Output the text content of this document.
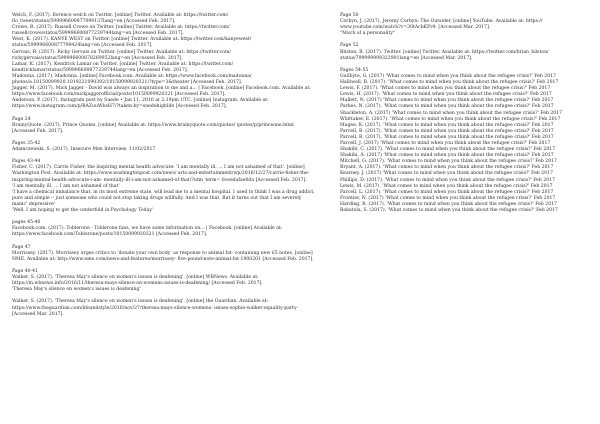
Welch, F. (2017). florence welch on Twitter. [online] Twitter. Available at: https://twitter.com/ flo_tweet/status/599996600877099137lang=en [Accessed Feb. 2017].

Crowe, R. (2017). Russell Crowe on Twitter. [online] Twitter. Available at: https://twitter.com/ russellcrowe/status/599996600877239744lang=en [Accessed Feb. 2017].

West, K. (2017). KANYE WEST on Twitter. [online] Twitter. Available at: https://twitter.com/kanyewest/ status/599996600877799424lang=en [Accessed Feb. 2017].

Gervais, R. (2017). Ricky Gervais on Twitter. [online] Twitter. Available at: https://twitter.com/ rickygervais/status/599996600878269952lang=en [Accessed Feb. 2017].

Lamar, K. (2017). Kendrick Lamar on Twitter. [online] Twitter. Available at: https://twitter.com/ kendricklamar/status/599996600877239744lang=en [Accessed Feb. 2017].

Madonna. (2017). Madonna. [online] Facebook.com. Available at: https://www.facebook.com/madonna/ photos/a.10150099920.1019221090392/10150099920321/?type=3&theater [Accessed Feb. 2017].

Jagger, M. (2017). Mick Jagger - David was always an inspiration to me and a... | Facebook. [online] Facebook.com. Available at: https://www.facebook.com/mickjaggerofficial/posts/10150099920321 [Accessed Feb. 2017].

Anderson, P. (2017). Instagram post by Suede • Jan 11, 2016 at 2:19pm UTC. [online] Instagram. Available at: https://www.instagram.com/p/BAZuuWbsH7/?taken-by=suedehighlife [Accessed Feb. 2017].

Page 24

BrainyQuote. (2017). Prince Quotes. [online] Available at: https://www.brainyquote.com/quotes/ quotes/p/princeone.html [Accessed Feb. 2017].

Pages 35-42

Adamczewski, S. (2017). Insecure Men Interview. 11/02/2017

Pages 43-44

Fisher, C. (2017). Carrie Fisher, the inspiring mental health advocate: 'I am mentally ill. ... I am not ashamed of that'. [online] Washington Post. Available at: https://www.washingtonpost.com/news/ arts-and-entertainment/wp/2016/12/27/carrie-fisher-the-inspiring-mental-health-advocate-i-am- mentally-ill-i-am-not-ashamed-of-that/?utm_term=.0ceedafae0da [Accessed Feb. 2017].

'I am mentally ill. ... I am not ashamed of that'

'I have a chemical imbalance that, in its most extreme state, will lead me to a mental hospital. I used to think I was a drug addict, pure and simple -- just someone who could not stop taking drugs willfully. And I was that. But it turns out that I am severely manic' depressive'

'Well, I am hoping to get the centerfold in Psychology Today'

pages 45-46

Facebook.com. (2017). Toblerone - Toblerone fans, we have some information on... | Facebook. [online] Available at: https://www.facebook.com/Toblerone/posts/10150099920321 [Accessed Feb. 2017].

Page 47

Morrissey. (2017). Morrissey urges critics to 'donate your own body' as response to animal fat- containing new £5 notes. [online] NME. Available at: http://www.nme.com/news-and-features/morrissey- five-pound-note-animal-fat-1900201 [Accessed Feb. 2017].

Page 40-41

Walker, S. (2017). 'Theresa May's silence on women's issues is deafening'. [online] WBNews. Available at: https://m.wbnews.info/2016/11/theresa-mays-silence-on-womens-issues-is-deafening/ [Accessed Feb. 2017].

'Theresa May's silence on women's issues is deafening'

Walker, S. (2017). 'Theresa May's silence on women's issues is deafening'. [online] the Guardian. Available at: https://www.theguardian.com/lifeandstyle/2016/nov/27/theresa-mays-silence-womens- issues-sophie-walker-equality-party- [Accessed Mar. 2017].

Page 50

Corbyn, J. (2017). Jeremy Corbyn: The Outsider. [online] YouTube. Available at: https:// www.youtube.com/watch?v=30tAcbKFr0- [Accessed Mar. 2017].

"Much of a personality"

Page 52

Bliston, B. (2017). Twitter. [online] Twitter. Available at: https://twitter.com/brian_bilston/ status/799999999322901lang=en [Accessed Mar. 2017].

Pages 54-55

Guilbyte, G. (2017) 'What comes to mind when you think about the refugee crisis?' Feb 2017

Halliwell, B. (2017). 'What comes to mind when you think about the refugee crisis?' Feb 2017

Lewis, F. (2017). 'What comes to mind when you think about the refugee crisis?' Feb 2017

Lewis, H. (2017). 'What comes to mind when you think about the refugee crisis?' Feb 2017

Mallett, N. (2017) 'What comes to mind when you think about the refugee crisis?' Feb 2017

Parkes, N. (2017). 'What comes to mind when you think about the refugee crisis?' Feb 2017

Shackleton, A. (2017) 'What comes to mind when you think about the refugee crisis?' Feb 2017

Whittaker, E. (2017). 'What comes to mind when you think about the refugee crisis?' Feb 2017

Magee, K. (2017). 'What comes to mind when you think about the refugee crisis?' Feb 2017

Parcell, B. (2017). 'What comes to mind when you think about the refugee crisis?' Feb 2017

Parcell, B. (2017). 'What comes to mind when you think about the refugee crisis?' Feb 2017

Parcell, J. (2017) 'What comes to mind when you think about the refugee crisis?' Feb 2017

Shakibi, C. (2017). 'What comes to mind when you think about the refugee crisis?' Feb 2017

Shakibi, A. (2017) 'What comes to mind when you think about the refugee crisis?' Feb 2017

Mitchell, G. (2017). 'What comes to mind when you think about the refugee crisis?' Feb 2017

Bryant, A. (2017). 'What comes to mind when you think about the refugee crisis?' Feb 2017

Kearney, J. (2017) 'What comes to mind when you think about the refugee crisis?' Feb 2017

Phillips, D. (2017). 'What comes to mind when you think about the refugee crisis?' Feb 2017

Lewis, M. (2017). 'What comes to mind when you think about the refugee crisis?' Feb 2017

Parcell, L. (2017). 'What comes to mind when you think about the refugee crisis?' Feb 2017

Frontier, N. (2017) 'What comes to mind when you think about the refugee crisis?' Feb 2017

Harding, R. (2017). 'What comes to mind when you think about the refugee crisis?' Feb 2017

Babatola, S. (2017). 'What comes to mind when you think about the refugee crisis?' Feb 2017
